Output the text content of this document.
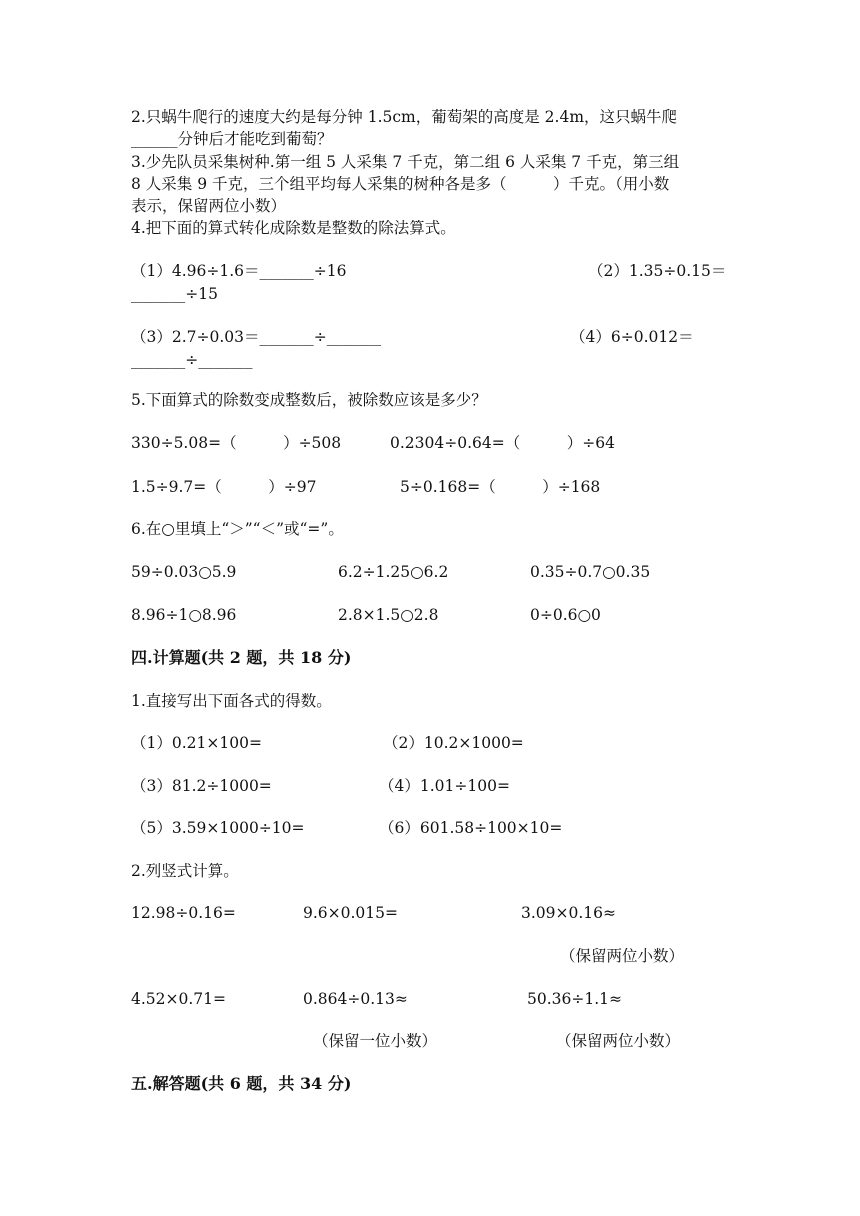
2.只蜗牛爬行的速度大约是每分钟 1.5cm，葡萄架的高度是 2.4m，这只蜗牛爬
______分钟后才能吃到葡萄？
3.少先队员采集树种.第一组 5 人采集 7 千克，第二组 6 人采集 7 千克，第三组
8 人采集 9 千克，三个组平均每人采集的树种各是多（　　　）千克。（用小数
表示，保留两位小数）
4.把下面的算式转化成除数是整数的除法算式。
（1）4.96÷1.6＝_______÷16	（2）1.35÷0.15＝
_______÷15
（3）2.7÷0.03＝_______÷_______	（4）6÷0.012＝
_______÷_______
5.下面算式的除数变成整数后，被除数应该是多少？
330÷5.08=（　　　）÷508	0.2304÷0.64=（　　　）÷64
1.5÷9.7=（　　　）÷97	5÷0.168=（　　　）÷168
6.在○里填上“＞”“＜”或“=”。
59÷0.03○5.9	6.2÷1.25○6.2	0.35÷0.7○0.35
8.96÷1○8.96	2.8×1.5○2.8	0÷0.6○0
四.计算题(共 2 题，共 18 分)
1.直接写出下面各式的得数。
（1）0.21×100=	（2）10.2×1000=
（3）81.2÷1000=	（4）1.01÷100=
（5）3.59×1000÷10=	（6）601.58÷100×10=
2.列竖式计算。
12.98÷0.16=	9.6×0.015=	3.09×0.16≈
（保留两位小数）
4.52×0.71=	0.864÷0.13≈	50.36÷1.1≈
（保留一位小数）	（保留两位小数）
五.解答题(共 6 题，共 34 分)
